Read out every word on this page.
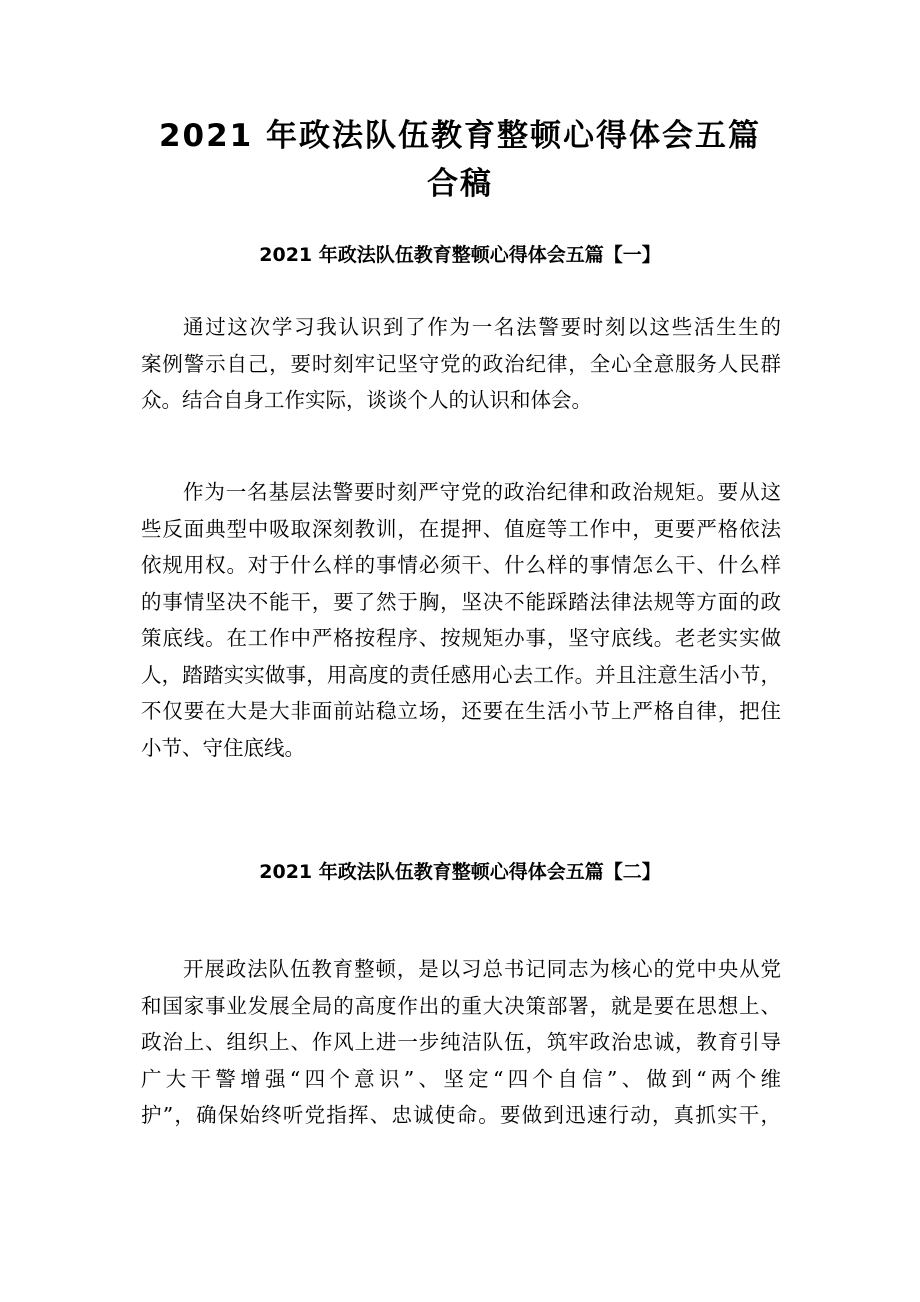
2021 年政法队伍教育整顿心得体会五篇
合稿
2021 年政法队伍教育整顿心得体会五篇【一】

通过这次学习我认识到了作为一名法警要时刻以这些活生生的
案例警示自己，要时刻牢记坚守党的政治纪律，全心全意服务人民群
众。结合自身工作实际，谈谈个人的认识和体会。

作为一名基层法警要时刻严守党的政治纪律和政治规矩。要从这
些反面典型中吸取深刻教训，在提押、值庭等工作中，更要严格依法
依规用权。对于什么样的事情必须干、什么样的事情怎么干、什么样
的事情坚决不能干，要了然于胸，坚决不能踩踏法律法规等方面的政
策底线。在工作中严格按程序、按规矩办事，坚守底线。老老实实做
人，踏踏实实做事，用高度的责任感用心去工作。并且注意生活小节，
不仅要在大是大非面前站稳立场，还要在生活小节上严格自律，把住
小节、守住底线。

2021 年政法队伍教育整顿心得体会五篇【二】

开展政法队伍教育整顿，是以习总书记同志为核心的党中央从党
和国家事业发展全局的高度作出的重大决策部署，就是要在思想上、
政治上、组织上、作风上进一步纯洁队伍，筑牢政治忠诚，教育引导
广大干警增强“四个意识”、坚定“四个自信”、做到“两个维
护”，确保始终听党指挥、忠诚使命。要做到迅速行动，真抓实干，
